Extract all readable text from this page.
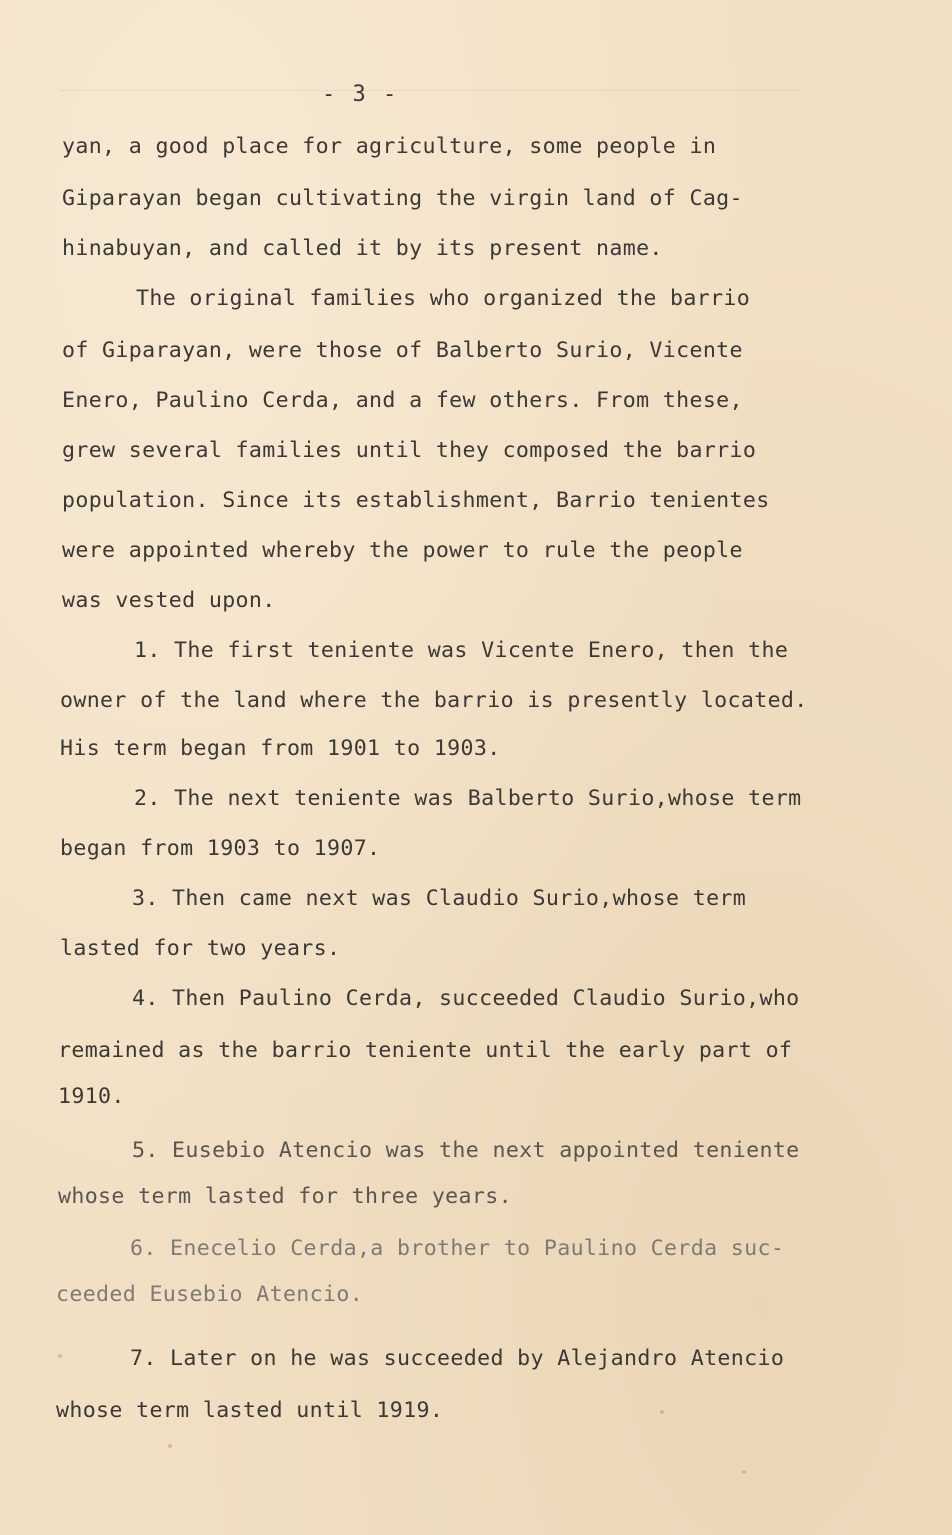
- 3 -
yan, a good place for agriculture, some people in
Giparayan began cultivating the virgin land of Cag-
hinabuyan, and called it by its present name.
The original families who organized the barrio
of Giparayan, were those of Balberto Surio, Vicente
Enero, Paulino Cerda, and a few others. From these,
grew several families until they composed the barrio
population. Since its establishment, Barrio tenientes
were appointed whereby the power to rule the people
was vested upon.
1. The first teniente was Vicente Enero, then the
owner of the land where the barrio is presently located.
His term began from 1901 to 1903.
2. The next teniente was Balberto Surio,whose term
began from 1903 to 1907.
3. Then came next was Claudio Surio,whose term
lasted for two years.
4. Then Paulino Cerda, succeeded Claudio Surio,who
remained as the barrio teniente until the early part of
1910.
5. Eusebio Atencio was the next appointed teniente
whose term lasted for three years.
6. Enecelio Cerda,a brother to Paulino Cerda suc-
ceeded Eusebio Atencio.
7. Later on he was succeeded by Alejandro Atencio
whose term lasted until 1919.
